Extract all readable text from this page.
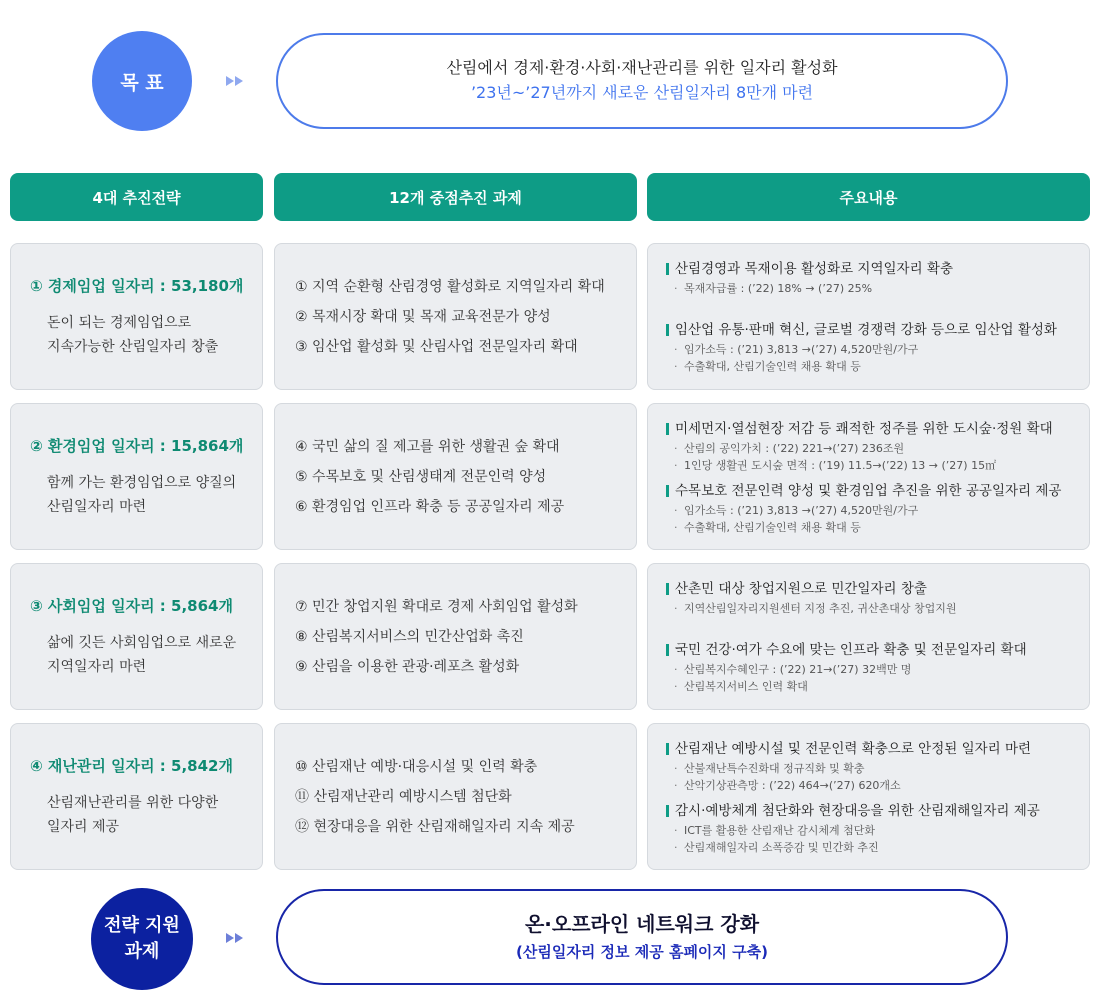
목 표
산림에서 경제·환경·사회·재난관리를 위한 일자리 활성화
’23년~’27년까지 새로운 산림일자리 8만개 마련
4대 추진전략	12개 중점추진 과제	주요내용
① 경제임업 일자리 : 53,180개
돈이 되는 경제임업으로
지속가능한 산림일자리 창출
① 지역 순환형 산림경영 활성화로 지역일자리 확대
② 목재시장 확대 및 목재 교육전문가 양성
③ 임산업 활성화 및 산림사업 전문일자리 확대
산림경영과 목재이용 활성화로 지역일자리 확충
· 목재자급률 : (’22) 18% → (’27) 25%
임산업 유통·판매 혁신, 글로벌 경쟁력 강화 등으로 임산업 활성화
· 임가소득 : (’21) 3,813 →(’27) 4,520만원/가구
· 수출확대, 산림기술인력 채용 확대 등
② 환경임업 일자리 : 15,864개
함께 가는 환경임업으로 양질의
산림일자리 마련
④ 국민 삶의 질 제고를 위한 생활권 숲 확대
⑤ 수목보호 및 산림생태계 전문인력 양성
⑥ 환경임업 인프라 확충 등 공공일자리 제공
미세먼지·열섬현장 저감 등 쾌적한 정주를 위한 도시숲·정원 확대
· 산림의 공익가치 : (’22) 221→(’27) 236조원
· 1인당 생활권 도시숲 면적 : (’19) 11.5→(’22) 13 → (’27) 15㎡
수목보호 전문인력 양성 및 환경임업 추진을 위한 공공일자리 제공
· 임가소득 : (’21) 3,813 →(’27) 4,520만원/가구
· 수출확대, 산림기술인력 채용 확대 등
③ 사회임업 일자리 : 5,864개
삶에 깃든 사회임업으로 새로운
지역일자리 마련
⑦ 민간 창업지원 확대로 경제 사회임업 활성화
⑧ 산림복지서비스의 민간산업화 촉진
⑨ 산림을 이용한 관광·레포츠 활성화
산촌민 대상 창업지원으로 민간일자리 창출
· 지역산림일자리지원센터 지정 추진, 귀산촌대상 창업지원
국민 건강·여가 수요에 맞는 인프라 확충 및 전문일자리 확대
· 산림복지수혜인구 : (’22) 21→(’27) 32백만 명
· 산림복지서비스 인력 확대
④ 재난관리 일자리 : 5,842개
산림재난관리를 위한 다양한
일자리 제공
⑩ 산림재난 예방·대응시설 및 인력 확충
⑪ 산림재난관리 예방시스템 첨단화
⑫ 현장대응을 위한 산림재해일자리 지속 제공
산림재난 예방시설 및 전문인력 확충으로 안정된 일자리 마련
· 산불재난특수진화대 정규직화 및 확충
· 산악기상관측망 : (’22) 464→(’27) 620개소
감시·예방체계 첨단화와 현장대응을 위한 산림재해일자리 제공
· ICT를 활용한 산림재난 감시체계 첨단화
· 산림재해일자리 소폭증감 및 민간화 추진
전략 지원
과제
온·오프라인 네트워크 강화
(산림일자리 정보 제공 홈페이지 구축)
